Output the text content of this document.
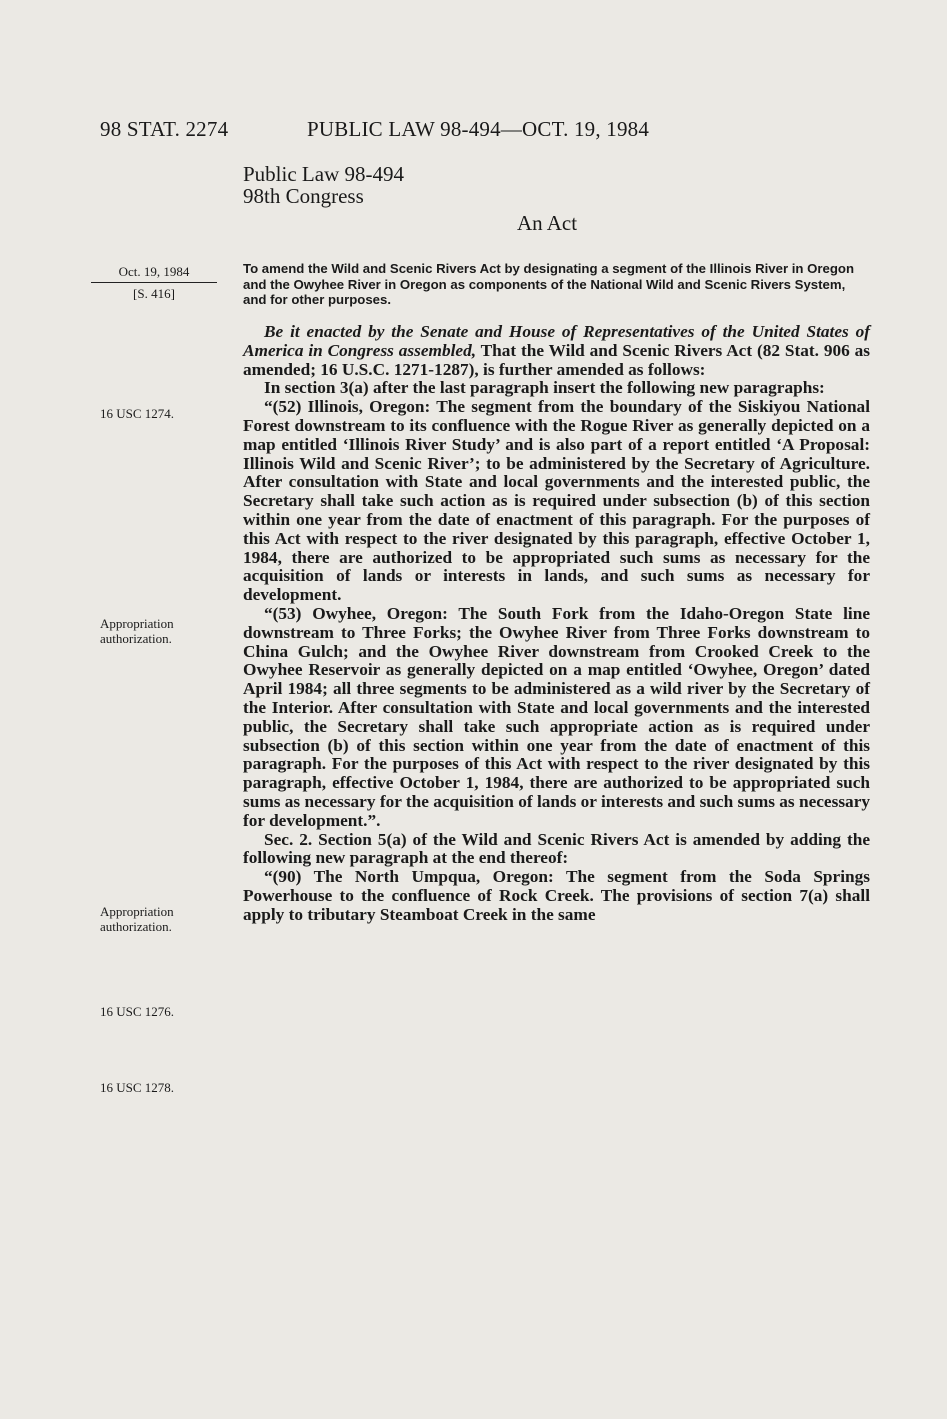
98 STAT. 2274	PUBLIC LAW 98-494—OCT. 19, 1984
Public Law 98-494
98th Congress
An Act
Oct. 19, 1984
[S. 416]
To amend the Wild and Scenic Rivers Act by designating a segment of the Illinois River in Oregon and the Owyhee River in Oregon as components of the National Wild and Scenic Rivers System, and for other purposes.
16 USC 1274.
Appropriation authorization.
Appropriation authorization.
16 USC 1276.
16 USC 1278.

Be it enacted by the Senate and House of Representatives of the United States of America in Congress assembled, That the Wild and Scenic Rivers Act (82 Stat. 906 as amended; 16 U.S.C. 1271-1287), is further amended as follows:

In section 3(a) after the last paragraph insert the following new paragraphs:

“(52) Illinois, Oregon: The segment from the boundary of the Siskiyou National Forest downstream to its confluence with the Rogue River as generally depicted on a map entitled ‘Illinois River Study’ and is also part of a report entitled ‘A Proposal: Illinois Wild and Scenic River’; to be administered by the Secretary of Agriculture. After consultation with State and local governments and the interested public, the Secretary shall take such action as is required under subsection (b) of this section within one year from the date of enactment of this paragraph. For the purposes of this Act with respect to the river designated by this paragraph, effective October 1, 1984, there are authorized to be appropriated such sums as necessary for the acquisition of lands or interests in lands, and such sums as necessary for development.

“(53) Owyhee, Oregon: The South Fork from the Idaho-Oregon State line downstream to Three Forks; the Owyhee River from Three Forks downstream to China Gulch; and the Owyhee River downstream from Crooked Creek to the Owyhee Reservoir as generally depicted on a map entitled ‘Owyhee, Oregon’ dated April 1984; all three segments to be administered as a wild river by the Secretary of the Interior. After consultation with State and local governments and the interested public, the Secretary shall take such appropriate action as is required under subsection (b) of this section within one year from the date of enactment of this paragraph. For the purposes of this Act with respect to the river designated by this paragraph, effective October 1, 1984, there are authorized to be appropriated such sums as necessary for the acquisition of lands or interests and such sums as necessary for development.”.

Sec. 2. Section 5(a) of the Wild and Scenic Rivers Act is amended by adding the following new paragraph at the end thereof:

“(90) The North Umpqua, Oregon: The segment from the Soda Springs Powerhouse to the confluence of Rock Creek. The provisions of section 7(a) shall apply to tributary Steamboat Creek in the same
